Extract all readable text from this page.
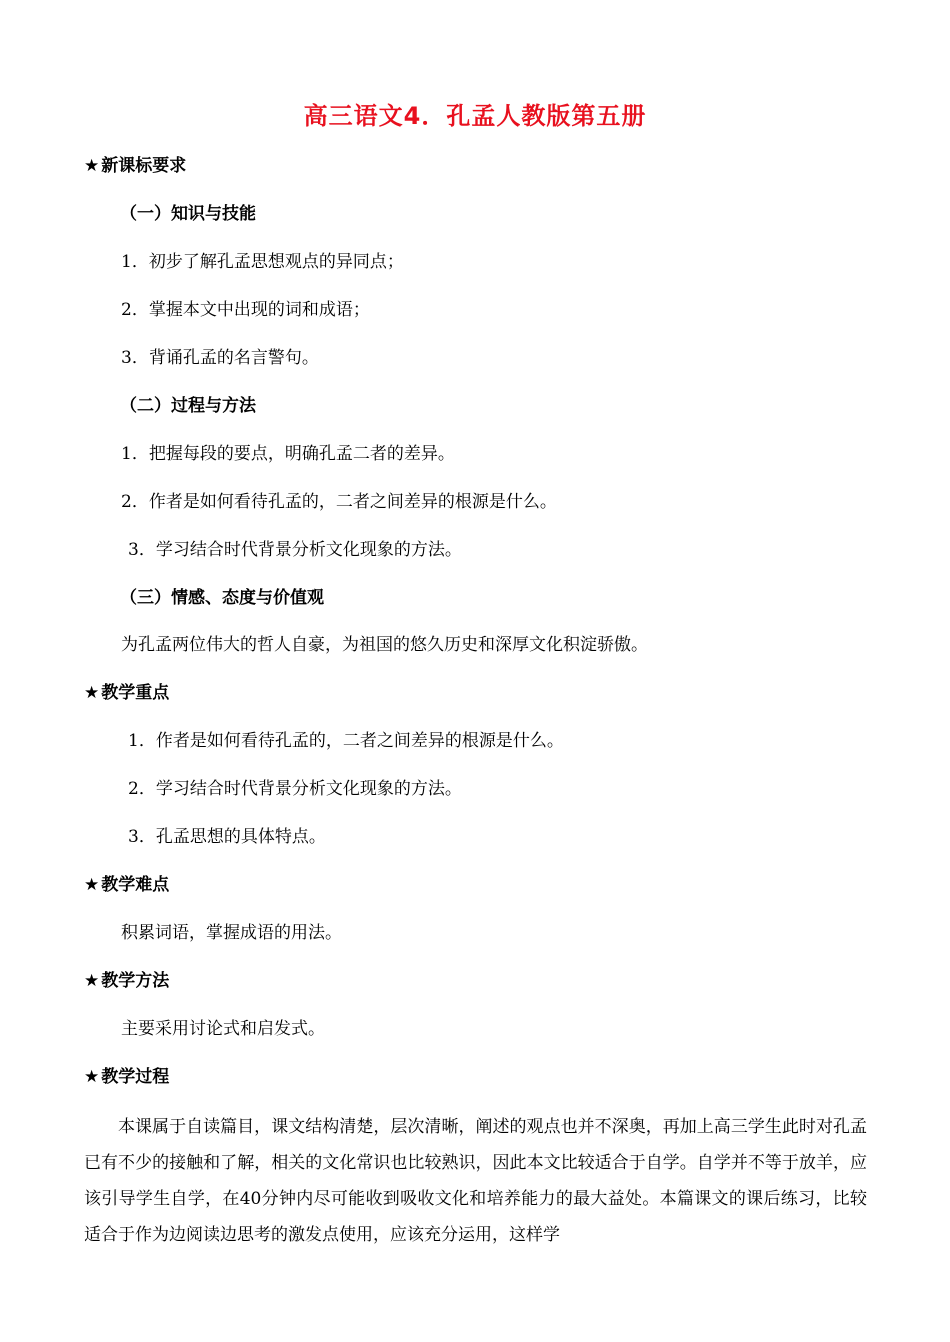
高三语文4．孔孟人教版第五册
★ 新课标要求
（一）知识与技能
1．初步了解孔孟思想观点的异同点；
2．掌握本文中出现的词和成语；
3．背诵孔孟的名言警句。
（二）过程与方法
1．把握每段的要点，明确孔孟二者的差异。
2．作者是如何看待孔孟的，二者之间差异的根源是什么。
3．学习结合时代背景分析文化现象的方法。
（三）情感、态度与价值观
为孔孟两位伟大的哲人自豪，为祖国的悠久历史和深厚文化积淀骄傲。
★ 教学重点
1．作者是如何看待孔孟的，二者之间差异的根源是什么。
2．学习结合时代背景分析文化现象的方法。
3．孔孟思想的具体特点。
★ 教学难点
积累词语，掌握成语的用法。
★ 教学方法
主要采用讨论式和启发式。
★ 教学过程
本课属于自读篇目，课文结构清楚，层次清晰，阐述的观点也并不深奥，再加上高三学生此时对孔孟已有不少的接触和了解，相关的文化常识也比较熟识，因此本文比较适合于自学。自学并不等于放羊，应该引导学生自学，在40分钟内尽可能收到吸收文化和培养能力的最大益处。本篇课文的课后练习，比较适合于作为边阅读边思考的激发点使用，应该充分运用，这样学
